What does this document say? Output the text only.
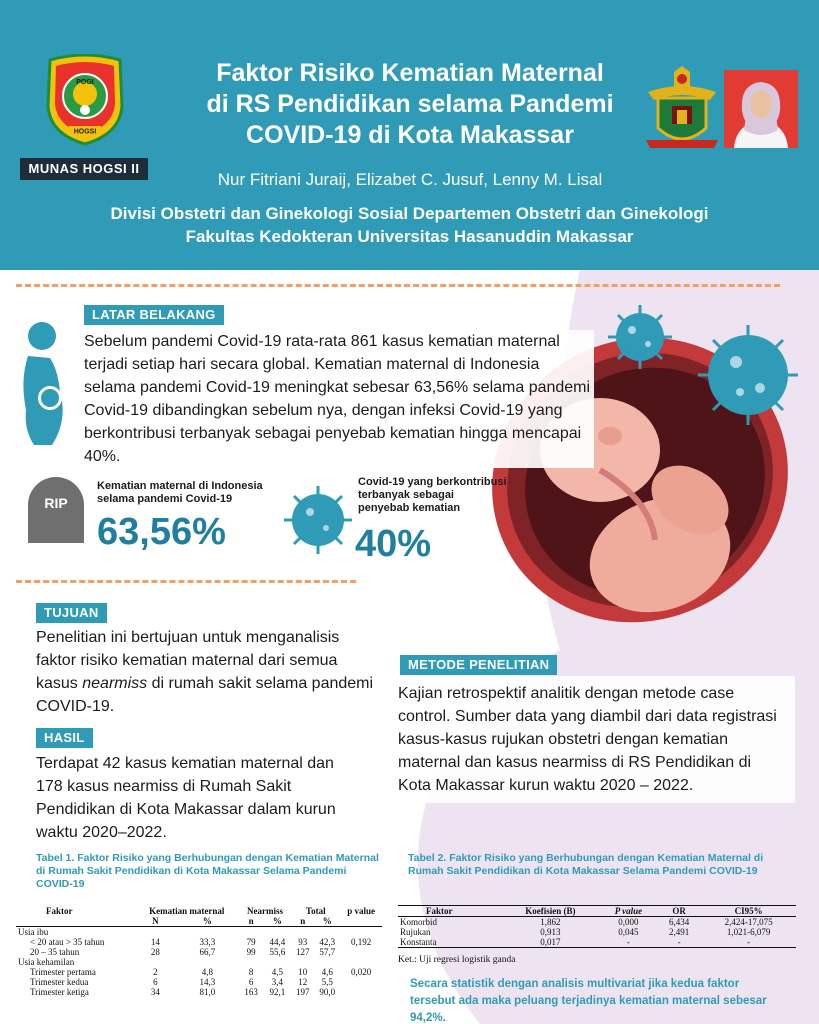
POGI
HOGSI
MUNAS HOGSI II
Faktor Risiko Kematian Maternal
di RS Pendidikan selama Pandemi
COVID-19 di Kota Makassar
Nur Fitriani Juraij, Elizabet C. Jusuf, Lenny M. Lisal
Divisi Obstetri dan Ginekologi Sosial Departemen Obstetri dan Ginekologi
Fakultas Kedokteran Universitas Hasanuddin Makassar
LATAR BELAKANG
Sebelum pandemi Covid-19 rata-rata 861 kasus kematian maternal terjadi setiap hari secara global. Kematian maternal di Indonesia selama pandemi Covid-19 meningkat sebesar 63,56% selama pandemi Covid-19 dibandingkan sebelum nya, dengan infeksi Covid-19 yang berkontribusi terbanyak sebagai penyebab kematian hingga mencapai 40%.
RIP
Kematian maternal di Indonesia selama pandemi Covid-19
63,56%
Covid-19 yang berkontribusi terbanyak sebagai penyebab kematian
40%
TUJUAN
Penelitian ini bertujuan untuk menganalisis faktor risiko kematian maternal dari semua kasus nearmiss di rumah sakit selama pandemi COVID-19.
HASIL
Terdapat 42 kasus kematian maternal dan 178 kasus nearmiss di Rumah Sakit Pendidikan di Kota Makassar dalam kurun waktu 2020–2022.
METODE PENELITIAN
Kajian retrospektif analitik dengan metode case control. Sumber data yang diambil dari data registrasi kasus-kasus rujukan obstetri dengan kematian maternal dan kasus nearmiss di RS Pendidikan di Kota Makassar kurun waktu 2020 – 2022.
Tabel 1. Faktor Risiko yang Berhubungan dengan Kematian Maternal di Rumah Sakit Pendidikan di Kota Makassar Selama Pandemi COVID-19
Faktor	Kematian maternal		Nearmiss		Total		p value
	N	%	n	%	n	%	
Usia ibu							
< 20 atau > 35 tahun	14	33,3	79	44,4	93	42,3	0,192
20 – 35 tahun	28	66,7	99	55,6	127	57,7	
Usia kehamilan							
Trimester pertama	2	4,8	8	4,5	10	4,6	0,020
Trimester kedua	6	14,3	6	3,4	12	5,5	
Trimester ketiga	34	81,0	163	92,1	197	90,0	
Tabel 2. Faktor Risiko yang Berhubungan dengan Kematian Maternal di Rumah Sakit Pendidikan di Kota Makassar Selama Pandemi COVID-19
Faktor	Koefisien (B)	P value	OR	CI95%
Komorbid	1,862	0,000	6,434	2,424-17,075
Rujukan	0,913	0,045	2,491	1,021-6,079
Konstanta	0,017	-	-	-
Ket.: Uji regresi logistik ganda
Secara statistik dengan analisis multivariat jika kedua faktor tersebut ada maka peluang terjadinya kematian maternal sebesar 94,2%.
